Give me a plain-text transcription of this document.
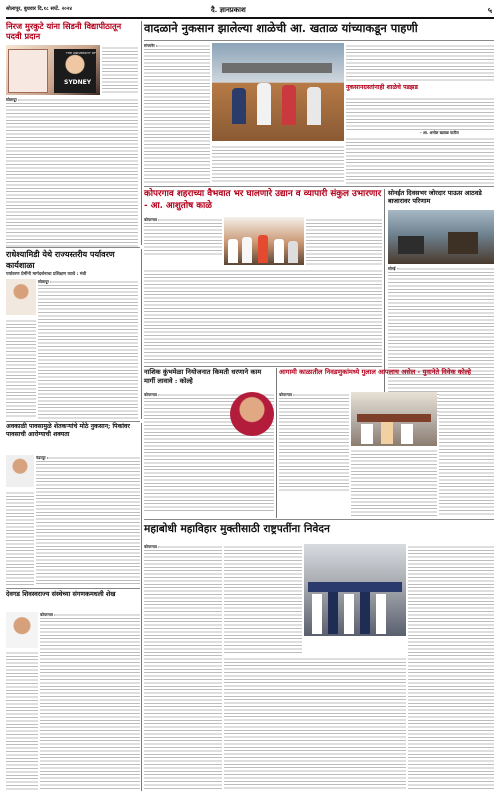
सोलापूर, बुधवार दि.१८ सप्टें. २०२४	दै. ज्ञानप्रकाश	५
निरज मुरकुटे यांना सिडनी विद्यापीठातून पदवी प्रदान
THE UNIVERSITY OF
SYDNEY
सोलापूर :
वादळाने नुकसान झालेल्या शाळेची आ. खताळ यांच्याकडून पाहणी
संगमनेर :
नुकसानग्रस्तांनाही शाळेचे पडझड
- आ. अमोल खताळ पाटील
कोपरगाव शहराच्या वैभवात भर घालणारे उद्यान व व्यापारी संकुल उभारणार - आ. आशुतोष काळे
कोपरगाव :
सोनईत दिवसभर जोरदार पाऊस आठवडे बाजारावर परिणाम
सोनई -
राधेश्यामिडी येथे राज्यस्तरीय पर्यावरण कार्यशाळा
पर्यावरण प्रेमींनी मार्गदर्शनाचा प्रशिक्षण घ्यावे : मंत्री
सोलापूर :
नाशिक कुंभमेळा नियोजनात किमती धरणाने काम मार्गी लावावे : कोल्हे
कोपरगाव :
आगामी काळातील निवडणुकांमध्ये गुलाल आपलाच असेल - युवानेते विवेक कोल्हे
कोपरगाव :
अवकाळी पावसामुळे शेतकऱ्यांचे मोठे नुकसान; पिकांवर पावसाची आरोग्याची शक्यता
पंढरपूर :
देवगड शिवस्वराज्य संस्थेच्या संगणकमधली शेख
कोपरगाव :
महाबोधी महाविहार मुक्तीसाठी राष्ट्रपतींना निवेदन
कोपरगाव :
